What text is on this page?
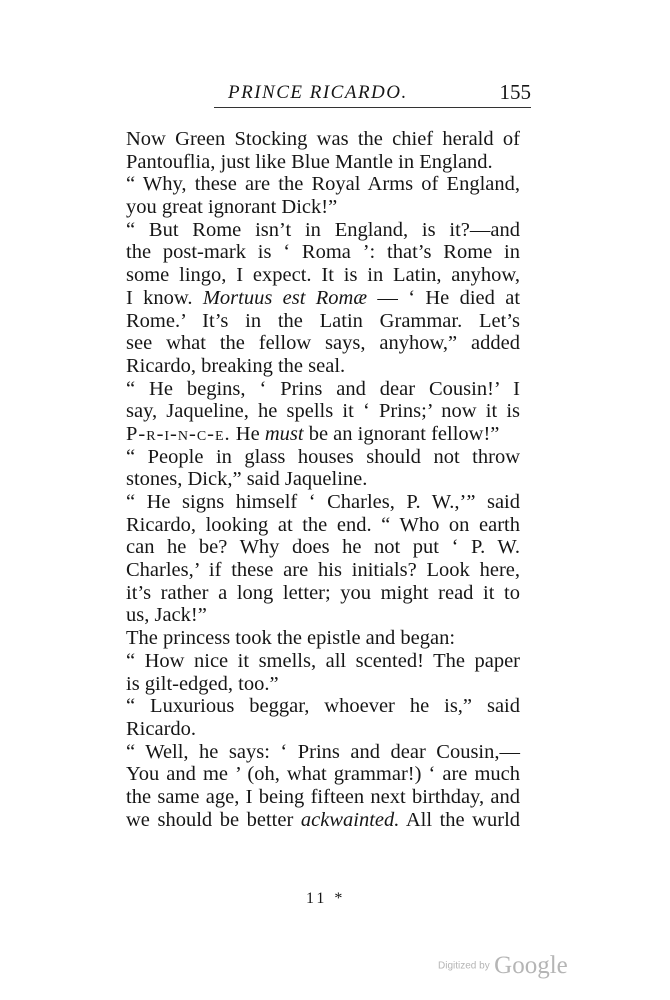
PRINCE RICARDO.	155
Now Green Stocking was the chief herald of
Pantouflia, just like Blue Mantle in England.
“ Why, these are the Royal Arms of England,
you great ignorant Dick!”
“ But Rome isn’t in England, is it?—and
the post-mark is ‘ Roma ’: that’s Rome in
some lingo, I expect. It is in Latin, anyhow,
I know. Mortuus est Romæ — ‘ He died at
Rome.’ It’s in the Latin Grammar. Let’s
see what the fellow says, anyhow,” added
Ricardo, breaking the seal.
“ He begins, ‘ Prins and dear Cousin!’ I
say, Jaqueline, he spells it ‘ Prins;’ now it is
P-r-i-n-c-e. He must be an ignorant fellow!”
“ People in glass houses should not throw
stones, Dick,” said Jaqueline.
“ He signs himself ‘ Charles, P. W.,’” said
Ricardo, looking at the end. “ Who on earth
can he be? Why does he not put ‘ P. W.
Charles,’ if these are his initials? Look here,
it’s rather a long letter; you might read it to
us, Jack!”
The princess took the epistle and began:
“ How nice it smells, all scented! The paper
is gilt-edged, too.”
“ Luxurious beggar, whoever he is,” said
Ricardo.
“ Well, he says: ‘ Prins and dear Cousin,—
You and me ’ (oh, what grammar!) ‘ are much
the same age, I being fifteen next birthday, and
we should be better ackwainted. All the wurld
11 *
Digitized by Google
